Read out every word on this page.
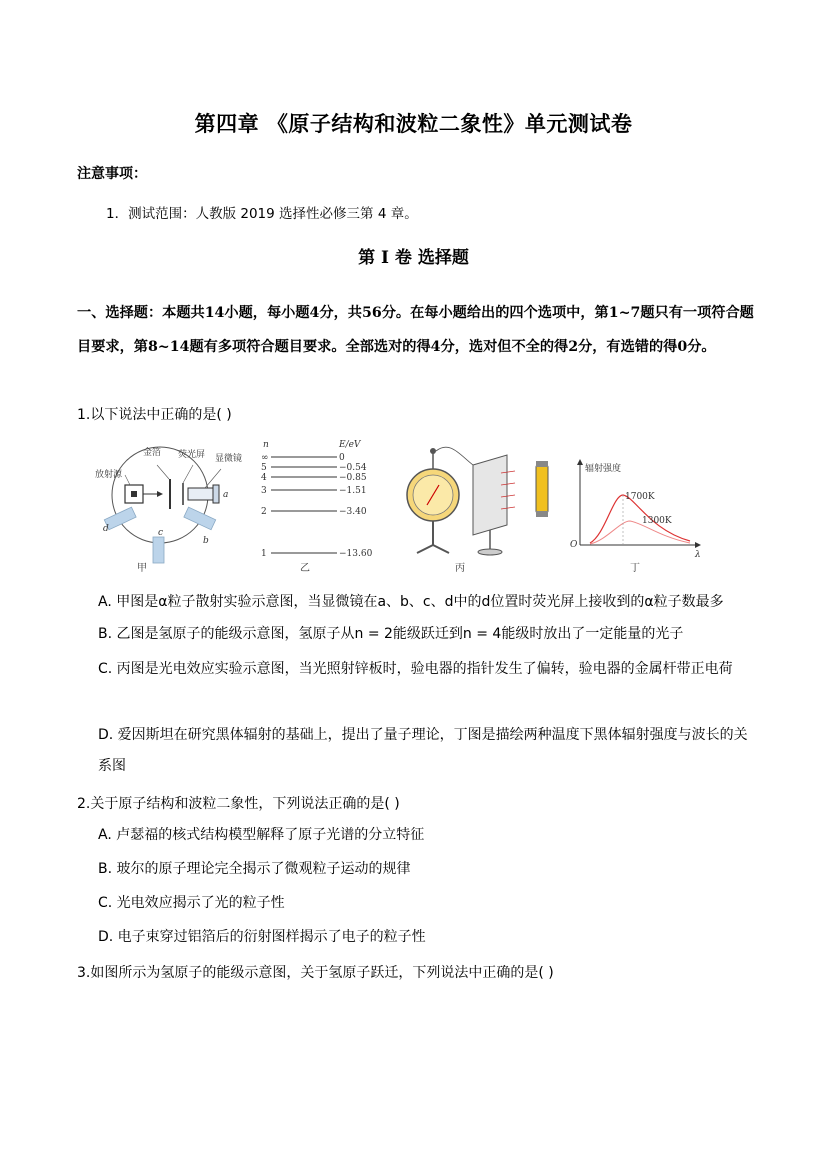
第四章 《原子结构和波粒二象性》单元测试卷
注意事项：
1．测试范围：人教版 2019 选择性必修三第 4 章。
第 I 卷 选择题
一、选择题：本题共14小题，每小题4分，共56分。在每小题给出的四个选项中，第1~7题只有一项符合题目要求，第8~14题有多项符合题目要求。全部选对的得4分，选对但不全的得2分，有选错的得0分。
1.以下说法中正确的是( )
放射源
金箔 荧光屏 显微镜
a
b
c
d
甲
n	E/eV
∞	0
5	−0.54
4	−0.85
3	−1.51
2	−3.40
1	−13.60
乙	丙
辐射强度
1700K
1300K
O
λ
丁
A. 甲图是α粒子散射实验示意图，当显微镜在a、b、c、d中的d位置时荧光屏上接收到的α粒子数最多
B. 乙图是氢原子的能级示意图，氢原子从n = 2能级跃迁到n = 4能级时放出了一定能量的光子
C. 丙图是光电效应实验示意图，当光照射锌板时，验电器的指针发生了偏转，验电器的金属杆带正电荷
D. 爱因斯坦在研究黑体辐射的基础上，提出了量子理论，丁图是描绘两种温度下黑体辐射强度与波长的关系图
2.关于原子结构和波粒二象性，下列说法正确的是( )
A. 卢瑟福的核式结构模型解释了原子光谱的分立特征
B. 玻尔的原子理论完全揭示了微观粒子运动的规律
C. 光电效应揭示了光的粒子性
D. 电子束穿过铝箔后的衍射图样揭示了电子的粒子性
3.如图所示为氢原子的能级示意图，关于氢原子跃迁，下列说法中正确的是( )
